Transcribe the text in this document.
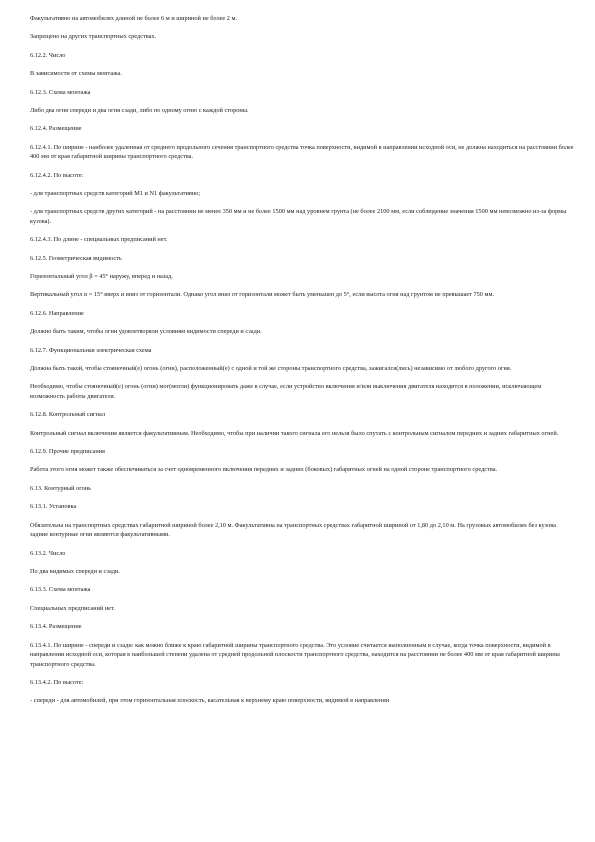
Факультативно на автомобилях длиной не более 6 м и шириной не более 2 м.

Запрещено на других транспортных средствах.

6.12.2. Число

В зависимости от схемы монтажа.

6.12.3. Схема монтажа

Либо два огня спереди и два огня сзади, либо по одному огню с каждой стороны.

6.12.4. Размещение

6.12.4.1. По ширине - наиболее удаленная от среднего продольного сечения транспортного средства точка поверхности, видимой в направлении исходной оси, не должна находиться на расстоянии более 400 мм от края габаритной ширины транспортного средства.

6.12.4.2. По высоте:

- для транспортных средств категорий M1 и N1 факультативно;

- для транспортных средств других категорий - на расстоянии не менее 350 мм и не более 1500 мм над уровнем грунта (не более 2100 мм, если соблюдение значения 1500 мм невозможно из-за формы кузова).

6.12.4.3. По длине - специальных предписаний нет.

6.12.5. Геометрическая видимость

Горизонтальный угол β = 45° наружу, вперед и назад.

Вертикальный угол α = 15° вверх и вниз от горизонтали. Однако угол вниз от горизонтали может быть уменьшен до 5°, если высота огня над грунтом не превышает 750 мм.

6.12.6. Направление

Должно быть таким, чтобы огни удовлетворяли условиям видимости спереди и сзади.

6.12.7. Функциональная электрическая схема

Должна быть такой, чтобы стояночный(е) огонь (огни), расположенный(е) с одной и той же стороны транспортного средства, зажигался(лись) независимо от любого другого огня.

Необходимо, чтобы стояночный(е) огонь (огни) мог(могли) функционировать даже в случае, если устройство включения и/или выключения двигателя находится в положении, исключающем возможность работы двигателя.

6.12.8. Контрольный сигнал

Контрольный сигнал включения является факультативным. Необходимо, чтобы при наличии такого сигнала его нельзя было спутать с контрольным сигналом передних и задних габаритных огней.

6.12.9. Прочие предписания

Работа этого огня может также обеспечиваться за счет одновременного включения передних и задних (боковых) габаритных огней на одной стороне транспортного средства.

6.13. Контурный огонь

6.13.1. Установка

Обязательна на транспортных средствах габаритной шириной более 2,10 м. Факультативна на транспортных средствах габаритной шириной от 1,80 до 2,10 м. На грузовых автомобилях без кузова задние контурные огни являются факультативными.

6.13.2. Число

По два видимых спереди и сзади.

6.13.3. Схема монтажа

Специальных предписаний нет.

6.13.4. Размещение

6.13.4.1. По ширине - спереди и сзади: как можно ближе к краю габаритной ширины транспортного средства. Это условие считается выполненным в случае, когда точка поверхности, видимой в направлении исходной оси, которая в наибольшей степени удалена от средней продольной плоскости транспортного средства, находится на расстоянии не более 400 мм от края габаритной ширины транспортного средства.

6.13.4.2. По высоте:

- спереди - для автомобилей, при этом горизонтальная плоскость, касательная к верхнему краю поверхности, видимой в направлении
